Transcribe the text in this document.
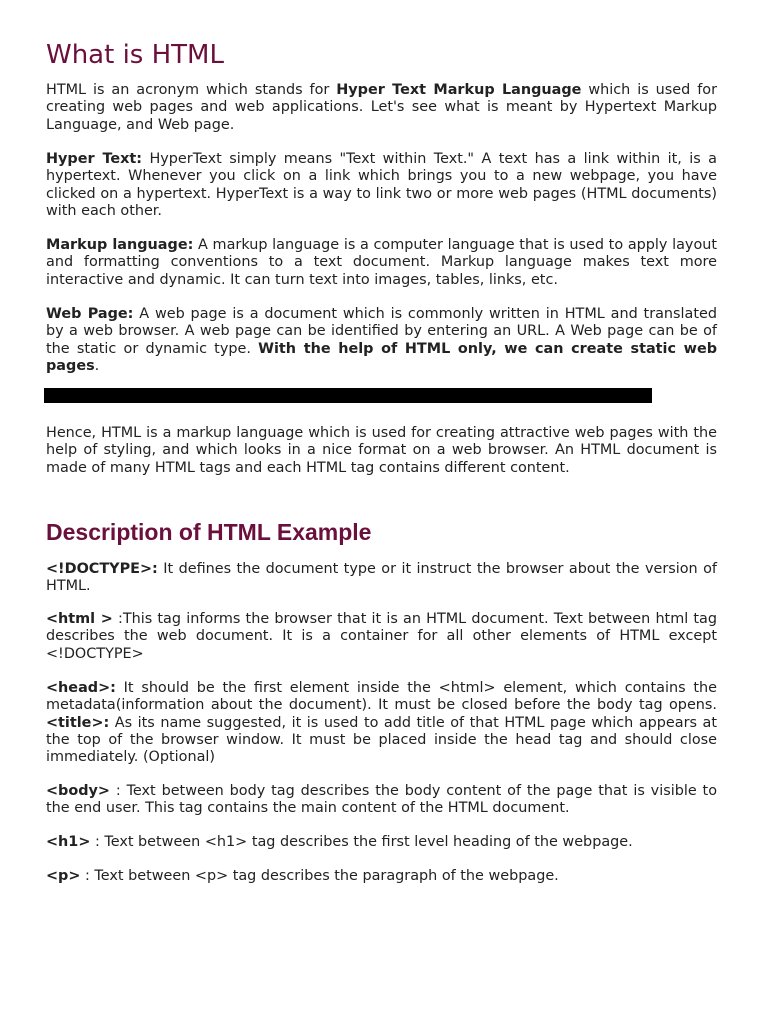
What is HTML

HTML is an acronym which stands for Hyper Text Markup Language which is used for creating web pages and web applications. Let's see what is meant by Hypertext Markup Language, and Web page.

Hyper Text: HyperText simply means "Text within Text." A text has a link within it, is a hypertext. Whenever you click on a link which brings you to a new webpage, you have clicked on a hypertext. HyperText is a way to link two or more web pages (HTML documents) with each other.

Markup language: A markup language is a computer language that is used to apply layout and formatting conventions to a text document. Markup language makes text more interactive and dynamic. It can turn text into images, tables, links, etc.

Web Page: A web page is a document which is commonly written in HTML and translated by a web browser. A web page can be identified by entering an URL. A Web page can be of the static or dynamic type. With the help of HTML only, we can create static web pages.

Hence, HTML is a markup language which is used for creating attractive web pages with the help of styling, and which looks in a nice format on a web browser. An HTML document is made of many HTML tags and each HTML tag contains different content.

Description of HTML Example

<!DOCTYPE>: It defines the document type or it instruct the browser about the version of HTML.

<html > :This tag informs the browser that it is an HTML document. Text between html tag describes the web document. It is a container for all other elements of HTML except <!DOCTYPE>

<head>: It should be the first element inside the <html> element, which contains the metadata(information about the document). It must be closed before the body tag opens. <title>: As its name suggested, it is used to add title of that HTML page which appears at the top of the browser window. It must be placed inside the head tag and should close immediately. (Optional)

<body> : Text between body tag describes the body content of the page that is visible to the end user. This tag contains the main content of the HTML document.

<h1> : Text between <h1> tag describes the first level heading of the webpage.

<p> : Text between <p> tag describes the paragraph of the webpage.
